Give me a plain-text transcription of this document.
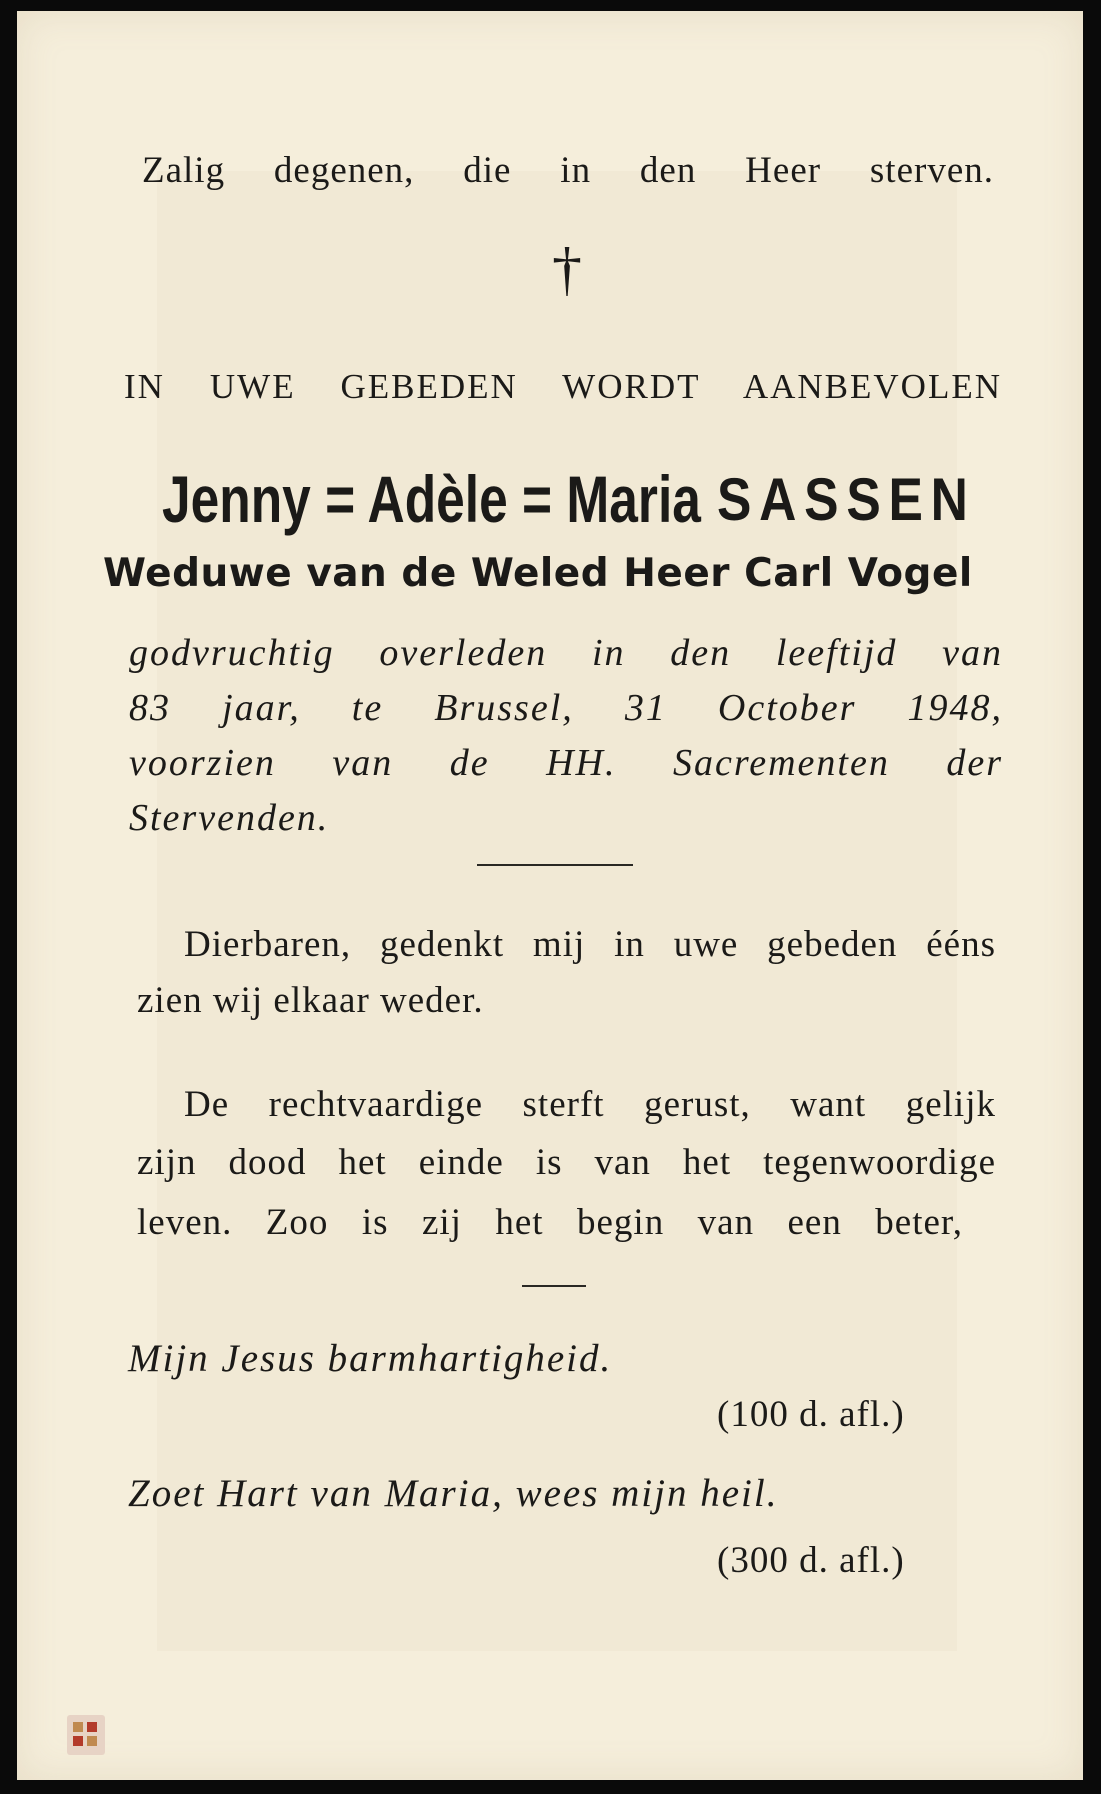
Zalig degenen, die in den Heer sterven.

†

IN UWE GEBEDEN WORDT AANBEVOLEN

Jenny = Adèle = Maria SASSEN

Weduwe van de Weled Heer Carl Vogel

godvruchtig overleden in den leeftijd van

83 jaar, te Brussel, 31 October 1948,

voorzien van de HH. Sacrementen der

Stervenden.

Dierbaren, gedenkt mij in uwe gebeden ééns

zien wij elkaar weder.

De rechtvaardige sterft gerust, want gelijk

zijn dood het einde is van het tegenwoordige

leven. Zoo is zij het begin van een beter,

Mijn Jesus barmhartigheid.

(100 d. afl.)

Zoet Hart van Maria, wees mijn heil.

(300 d. afl.)
